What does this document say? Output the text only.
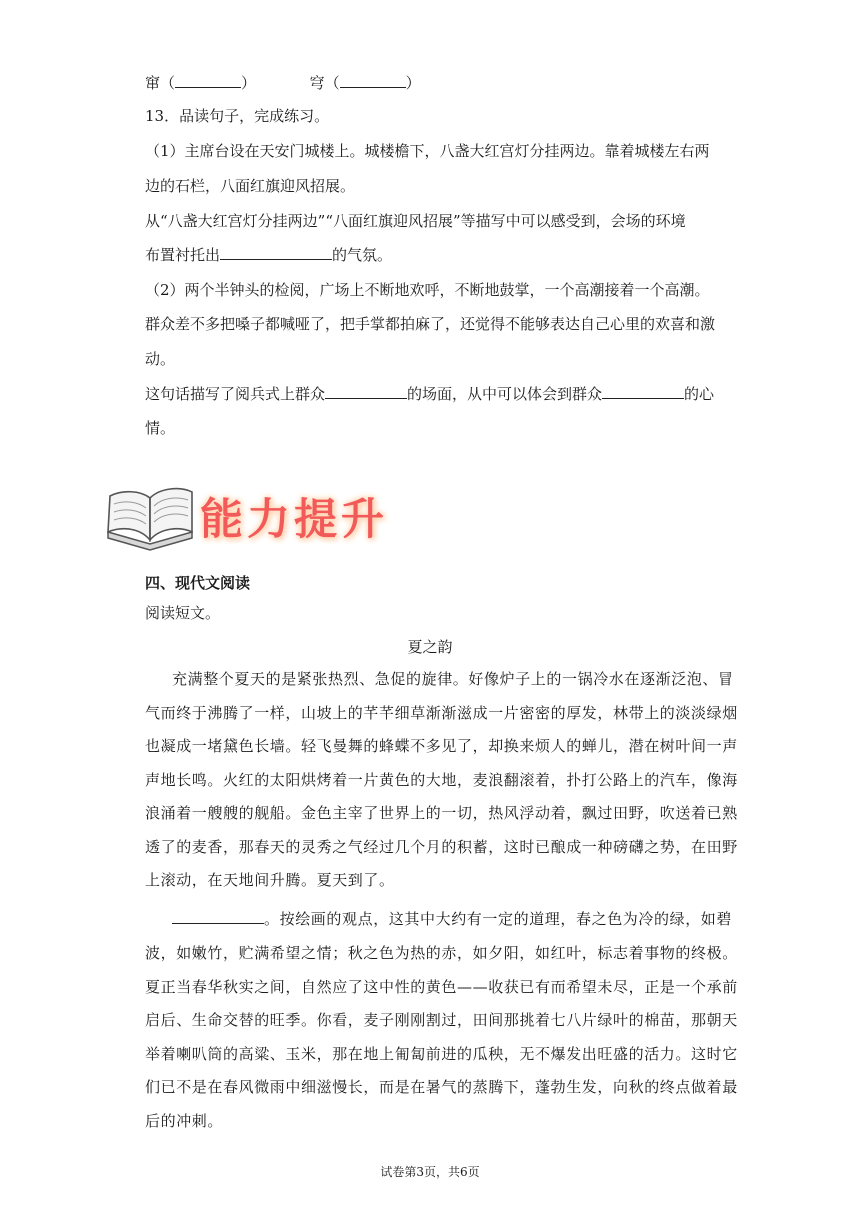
窜（	）	穹（	）
13．品读句子，完成练习。
（1）主席台设在天安门城楼上。城楼檐下，八盏大红宫灯分挂两边。靠着城楼左右两
边的石栏，八面红旗迎风招展。
从“八盏大红宫灯分挂两边”“八面红旗迎风招展”等描写中可以感受到，会场的环境
布置衬托出	的气氛。
（2）两个半钟头的检阅，广场上不断地欢呼，不断地鼓掌，一个高潮接着一个高潮。
群众差不多把嗓子都喊哑了，把手掌都拍麻了，还觉得不能够表达自己心里的欢喜和激
动。
这句话描写了阅兵式上群众	的场面，从中可以体会到群众	的心
情。
能力提升
四、现代文阅读
阅读短文。
夏之韵
充满整个夏天的是紧张热烈、急促的旋律。好像炉子上的一锅冷水在逐渐泛泡、冒
气而终于沸腾了一样，山坡上的芊芊细草渐渐滋成一片密密的厚发，林带上的淡淡绿烟
也凝成一堵黛色长墙。轻飞曼舞的蜂蝶不多见了，却换来烦人的蝉儿，潜在树叶间一声
声地长鸣。火红的太阳烘烤着一片黄色的大地，麦浪翻滚着，扑打公路上的汽车，像海
浪涌着一艘艘的舰船。金色主宰了世界上的一切，热风浮动着，飘过田野，吹送着已熟
透了的麦香，那春天的灵秀之气经过几个月的积蓄，这时已酿成一种磅礴之势，在田野
上滚动，在天地间升腾。夏天到了。
。按绘画的观点，这其中大约有一定的道理，春之色为冷的绿，如碧
波，如嫩竹，贮满希望之情；秋之色为热的赤，如夕阳，如红叶，标志着事物的终极。
夏正当春华秋实之间，自然应了这中性的黄色——收获已有而希望未尽，正是一个承前
启后、生命交替的旺季。你看，麦子刚刚割过，田间那挑着七八片绿叶的棉苗，那朝天
举着喇叭筒的高粱、玉米，那在地上匍匐前进的瓜秧，无不爆发出旺盛的活力。这时它
们已不是在春风微雨中细滋慢长，而是在暑气的蒸腾下，蓬勃生发，向秋的终点做着最
后的冲刺。
试卷第3页，共6页
